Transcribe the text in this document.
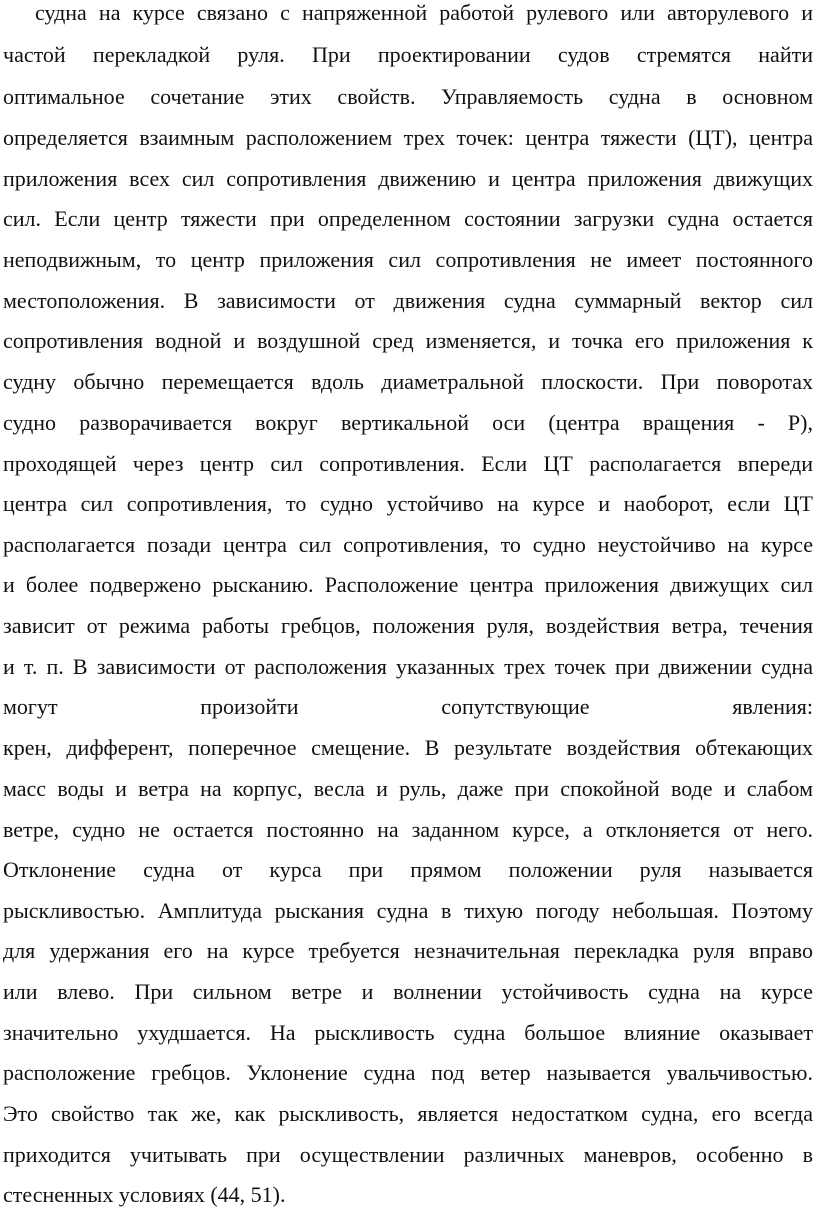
судна на курсе связано с напряженной работой рулевого или авторулевого и
частой перекладкой руля. При проектировании судов стремятся найти
оптимальное сочетание этих свойств. Управляемость судна в основном
определяется взаимным расположением трех точек: центра тяжести (ЦТ), центра
приложения всех сил сопротивления движению и центра приложения движущих
сил. Если центр тяжести при определенном состоянии загрузки судна остается
неподвижным, то центр приложения сил сопротивления не имеет постоянного
местоположения. В зависимости от движения судна суммарный вектор сил
сопротивления водной и воздушной сред изменяется, и точка его приложения к
судну обычно перемещается вдоль диаметральной плоскости. При поворотах
судно разворачивается вокруг вертикальной оси (центра вращения - Р),
проходящей через центр сил сопротивления. Если ЦТ располагается впереди
центра сил сопротивления, то судно устойчиво на курсе и наоборот, если ЦТ
располагается позади центра сил сопротивления, то судно неустойчиво на курсе
и более подвержено рысканию. Расположение центра приложения движущих сил
зависит от режима работы гребцов, положения руля, воздействия ветра, течения
и т. п. В зависимости от расположения указанных трех точек при движении судна
могут произойти сопутствующие явления:
крен, дифферент, поперечное смещение. В результате воздействия обтекающих
масс воды и ветра на корпус, весла и руль, даже при спокойной воде и слабом
ветре, судно не остается постоянно на заданном курсе, а отклоняется от него.
Отклонение судна от курса при прямом положении руля называется
рыскливостью. Амплитуда рыскания судна в тихую погоду небольшая. Поэтому
для удержания его на курсе требуется незначительная перекладка руля вправо
или влево. При сильном ветре и волнении устойчивость судна на курсе
значительно ухудшается. На рыскливость судна большое влияние оказывает
расположение гребцов. Уклонение судна под ветер называется увальчивостью.
Это свойство так же, как рыскливость, является недостатком судна, его всегда
приходится учитывать при осуществлении различных маневров, особенно в
стесненных условиях (44, 51).
